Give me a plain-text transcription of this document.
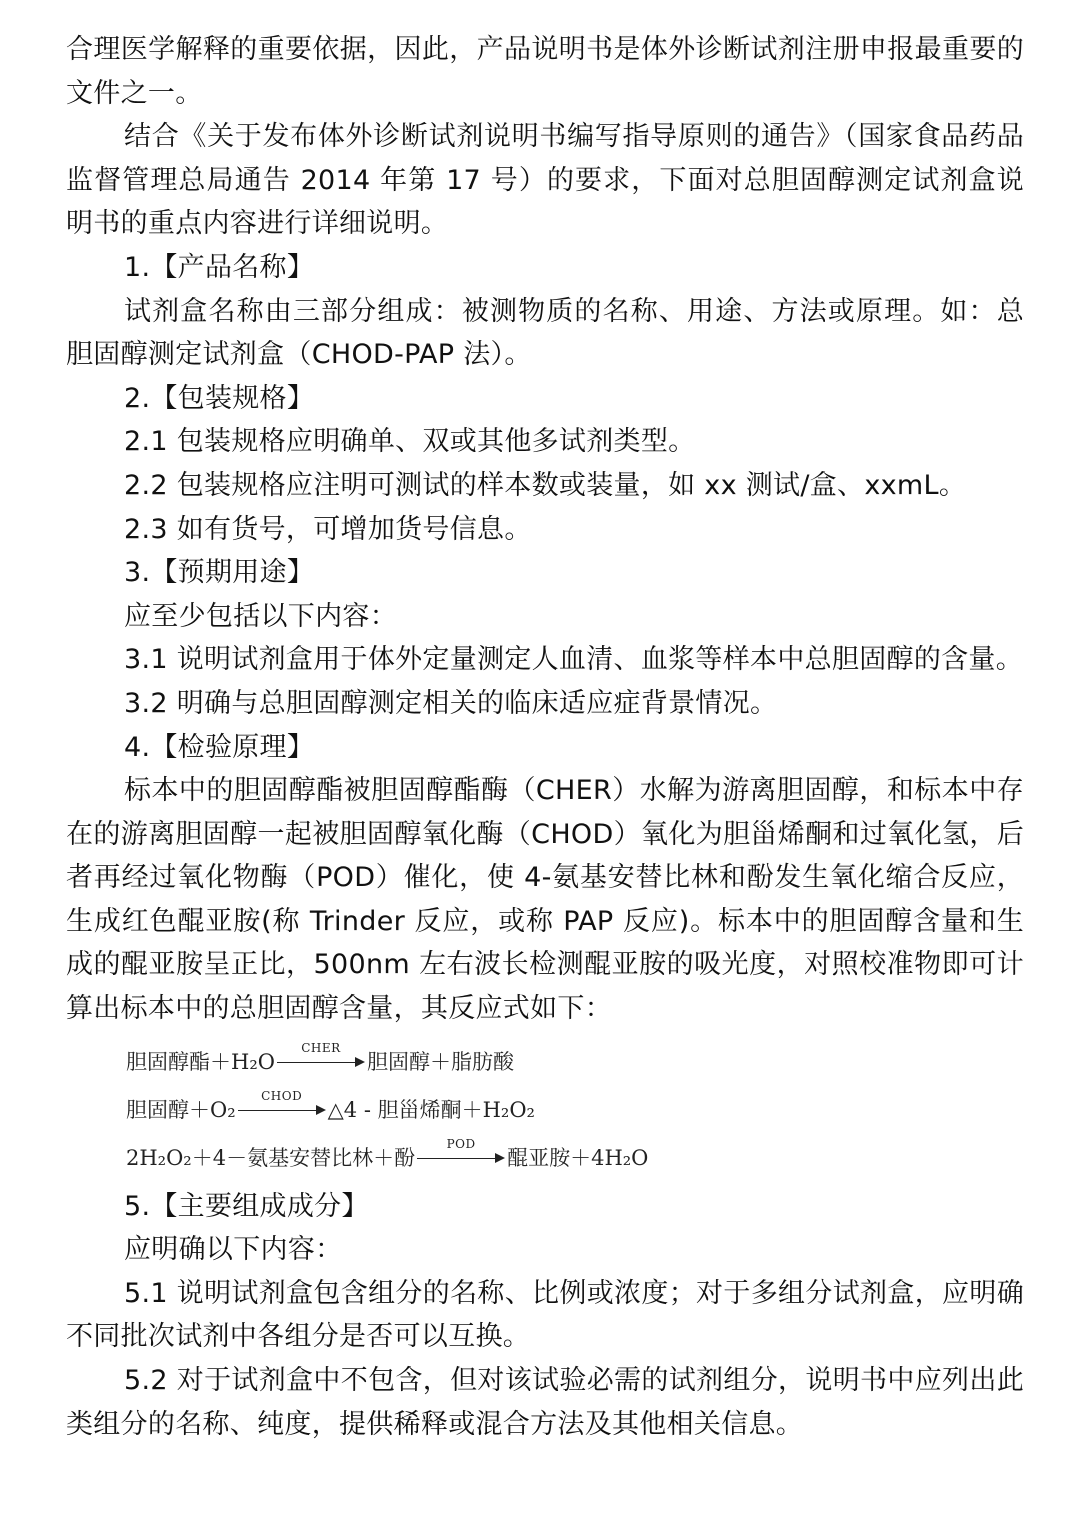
合理医学解释的重要依据，因此，产品说明书是体外诊断试剂注册申报最重要的文件之一。

结合《关于发布体外诊断试剂说明书编写指导原则的通告》（国家食品药品监督管理总局通告 2014 年第 17 号）的要求，下面对总胆固醇测定试剂盒说明书的重点内容进行详细说明。

1.【产品名称】

试剂盒名称由三部分组成：被测物质的名称、用途、方法或原理。如：总胆固醇测定试剂盒（CHOD-PAP 法）。

2.【包装规格】

2.1 包装规格应明确单、双或其他多试剂类型。

2.2 包装规格应注明可测试的样本数或装量，如 xx 测试/盒、xxmL。

2.3 如有货号，可增加货号信息。

3.【预期用途】

应至少包括以下内容：

3.1 说明试剂盒用于体外定量测定人血清、血浆等样本中总胆固醇的含量。

3.2 明确与总胆固醇测定相关的临床适应症背景情况。

4.【检验原理】

标本中的胆固醇酯被胆固醇酯酶（CHER）水解为游离胆固醇，和标本中存在的游离胆固醇一起被胆固醇氧化酶（CHOD）氧化为胆甾烯酮和过氧化氢，后者再经过氧化物酶（POD）催化，使 4-氨基安替比林和酚发生氧化缩合反应，生成红色醌亚胺(称 Trinder 反应，或称 PAP 反应)。标本中的胆固醇含量和生成的醌亚胺呈正比，500nm 左右波长检测醌亚胺的吸光度，对照校准物即可计算出标本中的总胆固醇含量，其反应式如下：

胆固醇酯＋H₂O
CHER
胆固醇＋脂肪酸
胆固醇＋O₂
CHOD
△4 - 胆甾烯酮＋H₂O₂
2H₂O₂＋4－氨基安替比林＋酚
POD
醌亚胺＋4H₂O

5.【主要组成成分】

应明确以下内容：

5.1 说明试剂盒包含组分的名称、比例或浓度；对于多组分试剂盒，应明确不同批次试剂中各组分是否可以互换。

5.2 对于试剂盒中不包含，但对该试验必需的试剂组分，说明书中应列出此类组分的名称、纯度，提供稀释或混合方法及其他相关信息。
